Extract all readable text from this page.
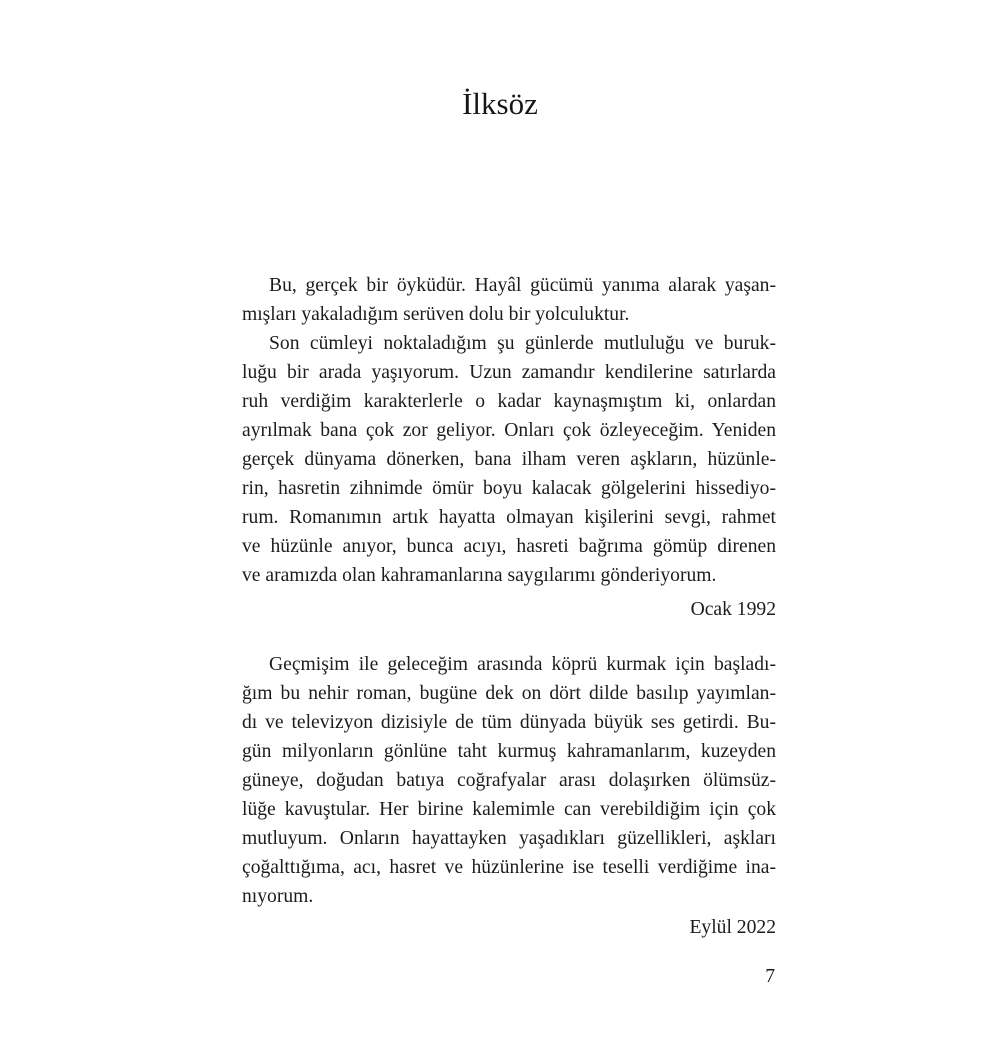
İlksöz
Bu, gerçek bir öyküdür. Hayâl gücümü yanıma alarak yaşan-
mışları yakaladığım serüven dolu bir yolculuktur.
Son cümleyi noktaladığım şu günlerde mutluluğu ve buruk-
luğu bir arada yaşıyorum. Uzun zamandır kendilerine satırlarda
ruh verdiğim karakterlerle o kadar kaynaşmıştım ki, onlardan
ayrılmak bana çok zor geliyor. Onları çok özleyeceğim. Yeniden
gerçek dünyama dönerken, bana ilham veren aşkların, hüzünle-
rin, hasretin zihnimde ömür boyu kalacak gölgelerini hissediyo-
rum. Romanımın artık hayatta olmayan kişilerini sevgi, rahmet
ve hüzünle anıyor, bunca acıyı, hasreti bağrıma gömüp direnen
ve aramızda olan kahramanlarına saygılarımı gönderiyorum.
Ocak 1992
Geçmişim ile geleceğim arasında köprü kurmak için başladı-
ğım bu nehir roman, bugüne dek on dört dilde basılıp yayımlan-
dı ve televizyon dizisiyle de tüm dünyada büyük ses getirdi. Bu-
gün milyonların gönlüne taht kurmuş kahramanlarım, kuzeyden
güneye, doğudan batıya coğrafyalar arası dolaşırken ölümsüz-
lüğe kavuştular. Her birine kalemimle can verebildiğim için çok
mutluyum. Onların hayattayken yaşadıkları güzellikleri, aşkları
çoğalttığıma, acı, hasret ve hüzünlerine ise teselli verdiğime ina-
nıyorum.
Eylül 2022
7
